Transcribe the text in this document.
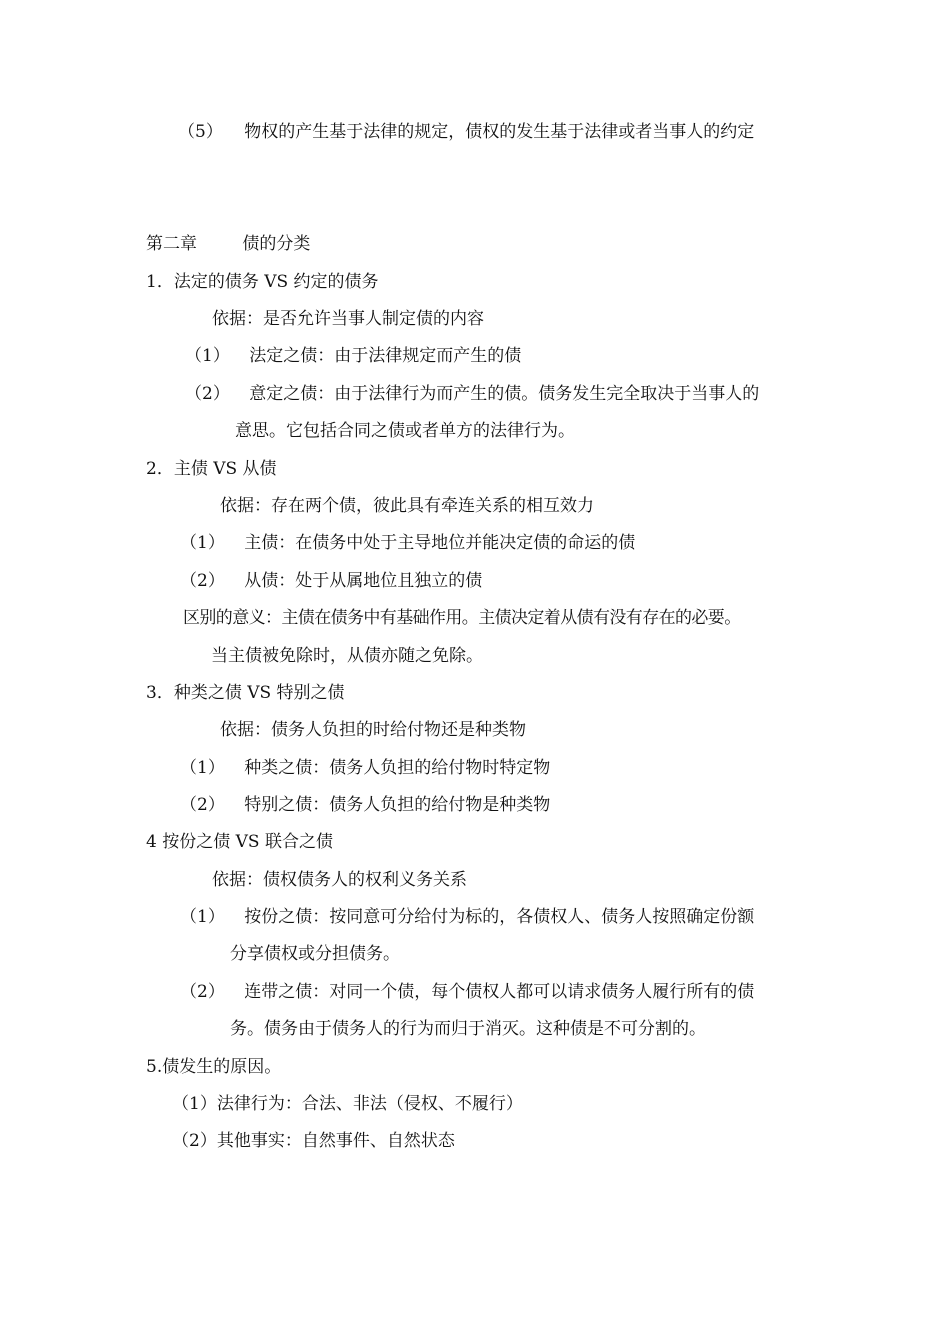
（5） 物权的产生基于法律的规定，债权的发生基于法律或者当事人的约定
第二章	债的分类
1．法定的债务 VS 约定的债务
依据：是否允许当事人制定债的内容
（1） 法定之债：由于法律规定而产生的债
（2） 意定之债：由于法律行为而产生的债。债务发生完全取决于当事人的
意思。它包括合同之债或者单方的法律行为。
2．主债 VS 从债
依据：存在两个债，彼此具有牵连关系的相互效力
（1） 主债：在债务中处于主导地位并能决定债的命运的债
（2） 从债：处于从属地位且独立的债
区别的意义：主债在债务中有基础作用。主债决定着从债有没有存在的必要。
当主债被免除时，从债亦随之免除。
3．种类之债 VS 特别之债
依据：债务人负担的时给付物还是种类物
（1） 种类之债：债务人负担的给付物时特定物
（2） 特别之债：债务人负担的给付物是种类物
4 按份之债 VS 联合之债
依据：债权债务人的权利义务关系
（1） 按份之债：按同意可分给付为标的，各债权人、债务人按照确定份额
分享债权或分担债务。
（2） 连带之债：对同一个债，每个债权人都可以请求债务人履行所有的债
务。债务由于债务人的行为而归于消灭。这种债是不可分割的。
5.债发生的原因。
（1）法律行为：合法、非法（侵权、不履行）
（2）其他事实：自然事件、自然状态
